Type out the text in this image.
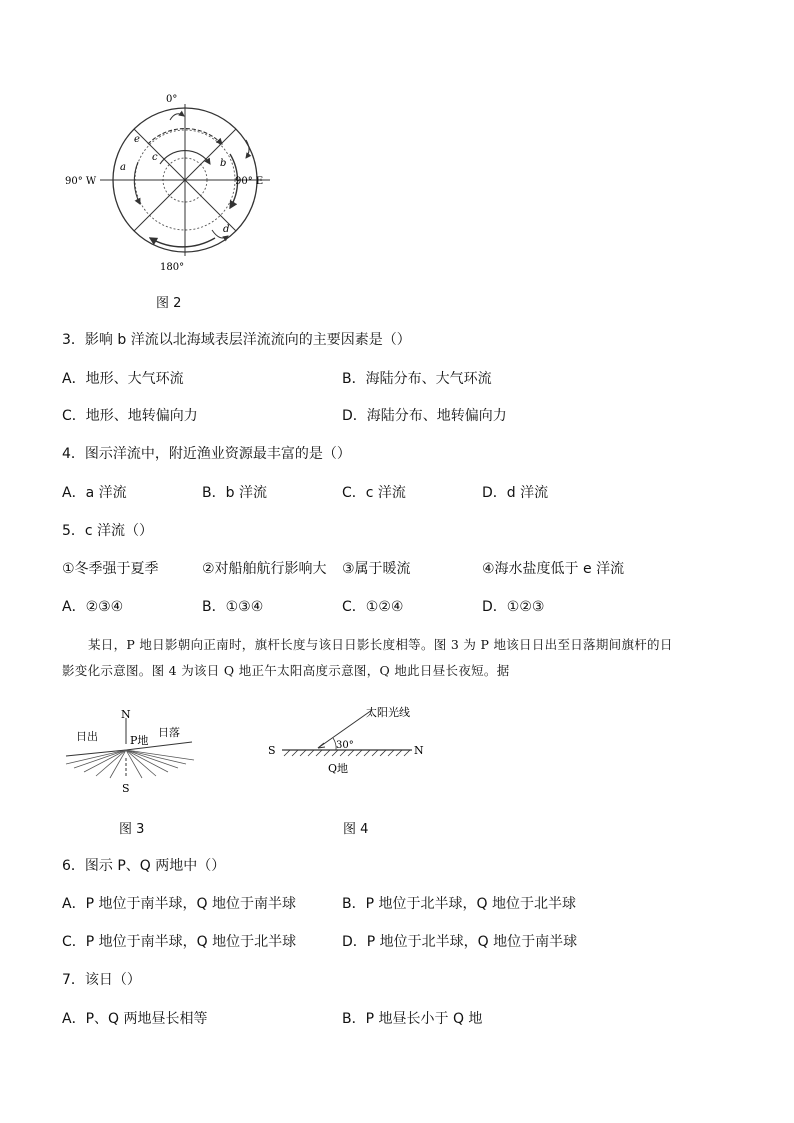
0°
180°
90° W	90° E
a	b
c
d
e
图 2
3．影响 b 洋流以北海域表层洋流流向的主要因素是（）
A．地形、大气环流	B．海陆分布、大气环流
C．地形、地转偏向力	D．海陆分布、地转偏向力
4．图示洋流中，附近渔业资源最丰富的是（）
A．a 洋流	B．b 洋流	C．c 洋流	D．d 洋流
5．c 洋流（）
①冬季强于夏季	②对船舶航行影响大 ③属于暖流	④海水盐度低于 e 洋流
A．②③④	B．①③④	C．①②④	D．①②③
某日，P 地日影朝向正南时，旗杆长度与该日日影长度相等。图 3 为 P 地该日日出至日落期间旗杆的日
影变化示意图。图 4 为该日 Q 地正午太阳高度示意图，Q 地此日昼长夜短。据
N
S
日出	日落
P地
图 3
太阳光线
30°
S	N
Q地
图 4
6．图示 P、Q 两地中（）
A．P 地位于南半球，Q 地位于南半球	B．P 地位于北半球，Q 地位于北半球
C．P 地位于南半球，Q 地位于北半球	D．P 地位于北半球，Q 地位于南半球
7．该日（）
A．P、Q 两地昼长相等	B．P 地昼长小于 Q 地
